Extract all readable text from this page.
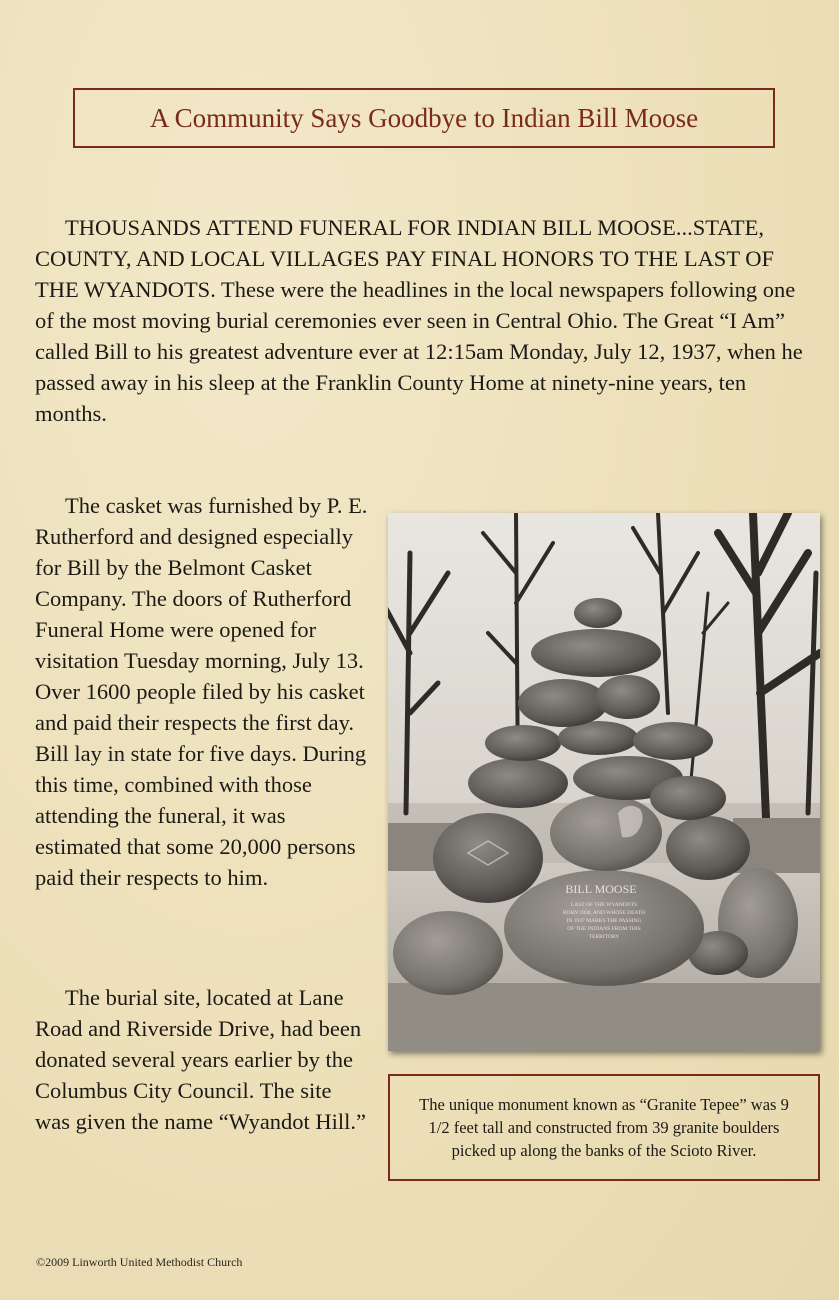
A Community Says Goodbye to Indian Bill Moose

THOUSANDS ATTEND FUNERAL FOR INDIAN BILL MOOSE...STATE, COUNTY, AND LOCAL VILLAGES PAY FINAL HONORS TO THE LAST OF THE WYANDOTS. These were the headlines in the local newspapers following one of the most moving burial ceremonies ever seen in Central Ohio. The Great “I Am” called Bill to his greatest adventure ever at 12:15am Monday, July 12, 1937, when he passed away in his sleep at the Franklin County Home at ninety-nine years, ten months.

The casket was furnished by P. E. Rutherford and designed especially for Bill by the Belmont Casket Company. The doors of Rutherford Funeral Home were opened for visitation Tuesday morning, July 13. Over 1600 people filed by his casket and paid their respects the first day. Bill lay in state for five days. During this time, combined with those attending the funeral, it was estimated that some 20,000 persons paid their respects to him.

The burial site, located at Lane Road and Riverside Drive, had been donated several years earlier by the Columbus City Council. The site was given the name “Wyandot Hill.”

BILL MOOSE
LAST OF THE WYANDOTS
BORN 1838, AND WHOSE DEATH
IN 1937 MARKS THE PASSING
OF THE INDIANS FROM THIS
TERRITORY
The unique monument known as “Granite Tepee” was 9 1/2 feet tall and constructed from 39 granite boulders picked up along the banks of the Scioto River.
©2009 Linworth United Methodist Church
